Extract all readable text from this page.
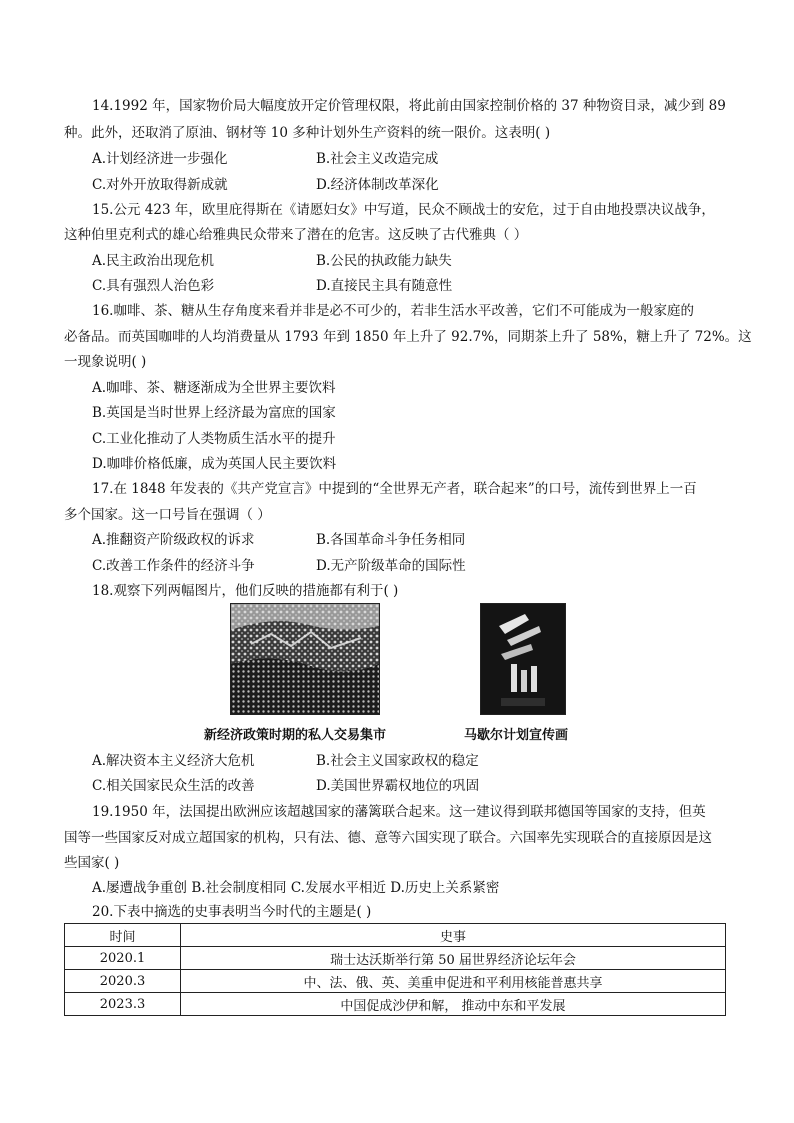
14.1992 年，国家物价局大幅度放开定价管理权限，将此前由国家控制价格的 37 种物资目录，减少到 89
种。此外，还取消了原油、钢材等 10 多种计划外生产资料的统一限价。这表明( )
A.计划经济进一步强化	B.社会主义改造完成
C.对外开放取得新成就	D.经济体制改革深化
15.公元 423 年，欧里庇得斯在《请愿妇女》中写道，民众不顾战士的安危，过于自由地投票决议战争，
这种伯里克利式的雄心给雅典民众带来了潜在的危害。这反映了古代雅典（ ）
A.民主政治出现危机	B.公民的执政能力缺失
C.具有强烈人治色彩	D.直接民主具有随意性
16.咖啡、茶、糖从生存角度来看并非是必不可少的，若非生活水平改善，它们不可能成为一般家庭的
必备品。而英国咖啡的人均消费量从 1793 年到 1850 年上升了 92.7%，同期茶上升了 58%，糖上升了 72%。这
一现象说明( )
A.咖啡、茶、糖逐渐成为全世界主要饮料
B.英国是当时世界上经济最为富庶的国家
C.工业化推动了人类物质生活水平的提升
D.咖啡价格低廉，成为英国人民主要饮料
17.在 1848 年发表的《共产党宣言》中提到的“全世界无产者，联合起来”的口号，流传到世界上一百
多个国家。这一口号旨在强调（ ）
A.推翻资产阶级政权的诉求	B.各国革命斗争任务相同
C.改善工作条件的经济斗争	D.无产阶级革命的国际性
18.观察下列两幅图片，他们反映的措施都有利于( )
新经济政策时期的私人交易集市	马歇尔计划宣传画
A.解决资本主义经济大危机	B.社会主义国家政权的稳定
C.相关国家民众生活的改善	D.美国世界霸权地位的巩固
19.1950 年，法国提出欧洲应该超越国家的藩篱联合起来。这一建议得到联邦德国等国家的支持，但英
国等一些国家反对成立超国家的机构，只有法、德、意等六国实现了联合。六国率先实现联合的直接原因是这
些国家( )
A.屡遭战争重创 B.社会制度相同 C.发展水平相近 D.历史上关系紧密
20.下表中摘选的史事表明当今时代的主题是( )
时间	史事
2020.1	瑞士达沃斯举行第 50 届世界经济论坛年会
2020.3	中、法、俄、英、美重申促进和平利用核能普惠共享
2023.3	中国促成沙伊和解， 推动中东和平发展
